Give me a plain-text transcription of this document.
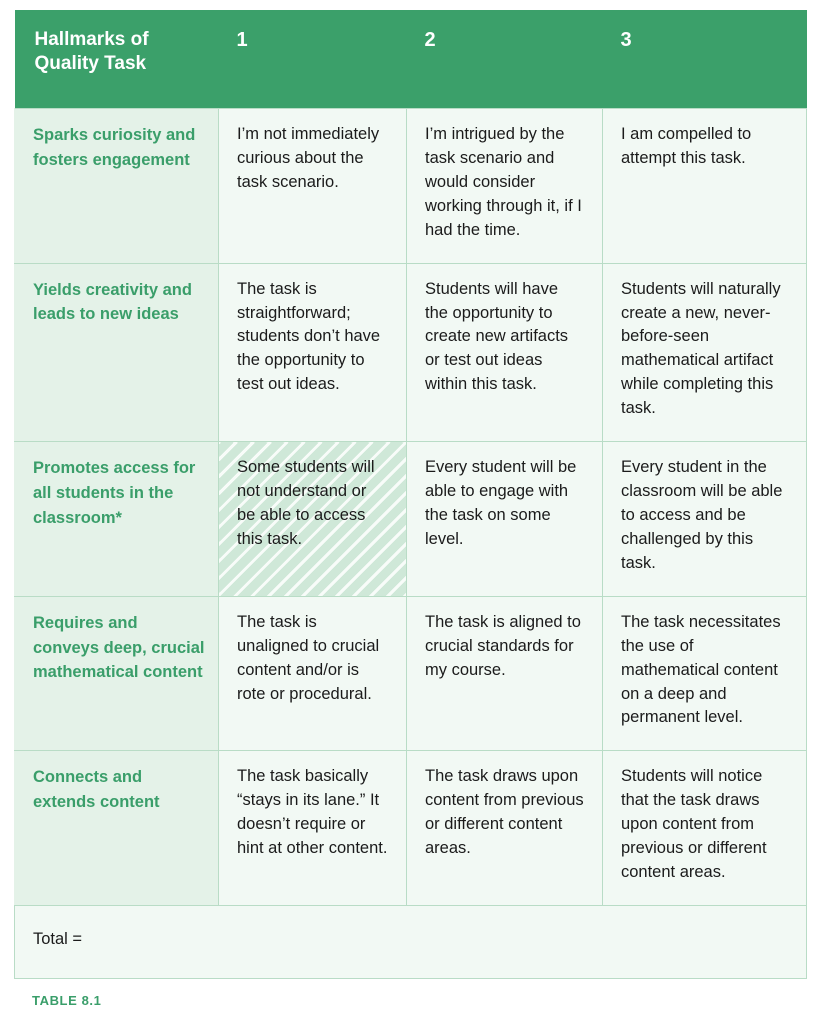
Hallmarks of Quality Task	1	2	3
Sparks curiosity and fosters engagement	I’m not immediately curious about the task scenario.	I’m intrigued by the task scenario and would consider working through it, if I had the time.	I am compelled to attempt this task.
Yields creativity and leads to new ideas	The task is straightforward; students don’t have the opportunity to test out ideas.	Students will have the opportunity to create new artifacts or test out ideas within this task.	Students will naturally create a new, never-before-seen mathematical artifact while completing this task.
Promotes access for all students in the classroom*	Some students will not understand or be able to access this task.	Every student will be able to engage with the task on some level.	Every student in the classroom will be able to access and be challenged by this task.
Requires and conveys deep, crucial mathematical content	The task is unaligned to crucial content and/or is rote or procedural.	The task is aligned to crucial standards for my course.	The task necessitates the use of mathematical content on a deep and permanent level.
Connects and extends content	The task basically “stays in its lane.” It doesn’t require or hint at other content.	The task draws upon content from previous or different content areas.	Students will notice that the task draws upon content from previous or different content areas.
Total =			
TABLE 8.1
